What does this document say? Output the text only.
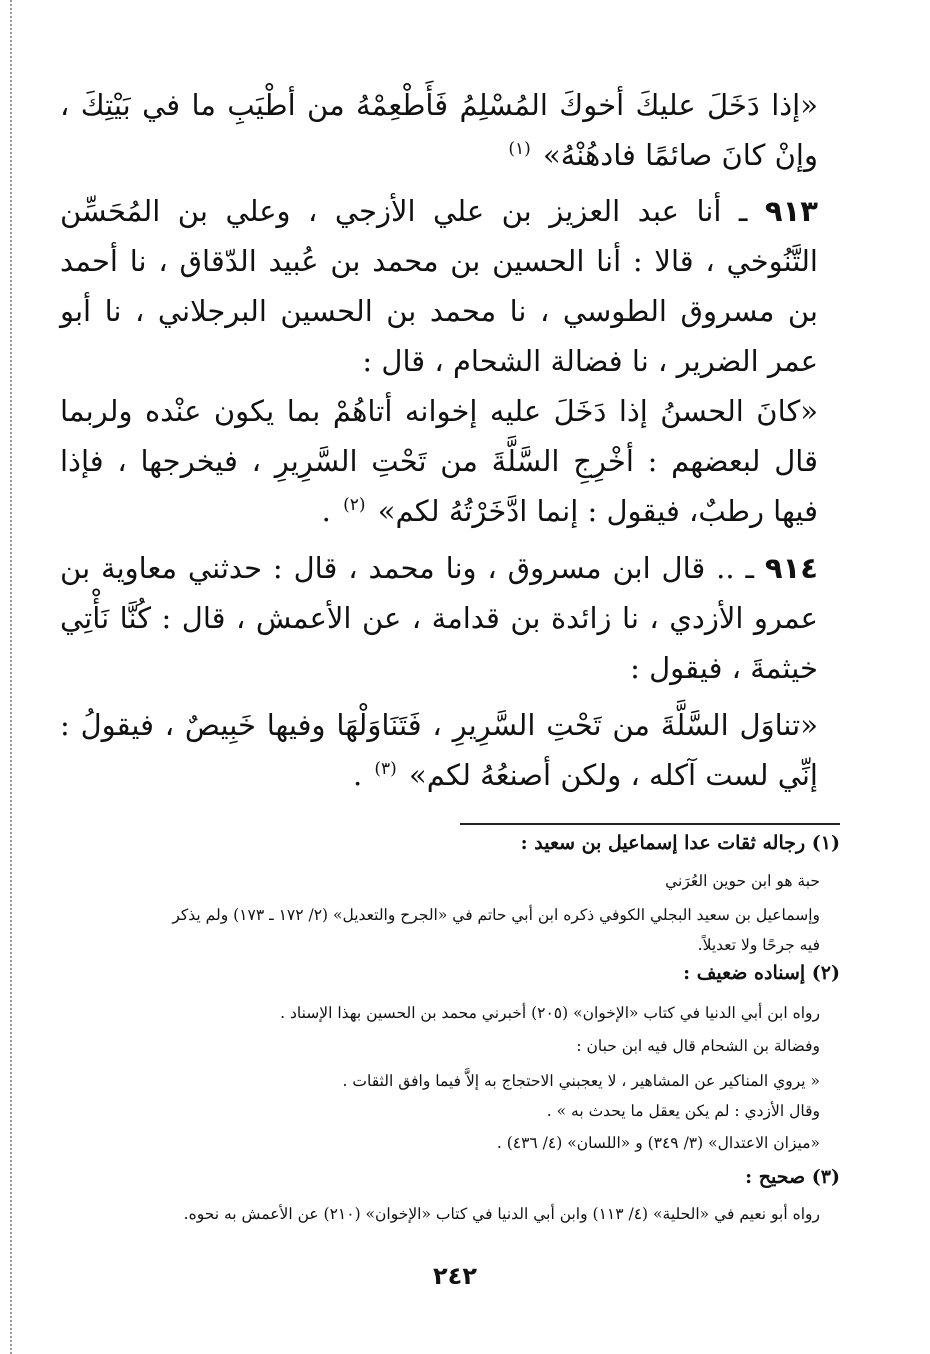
«إذا دَخَلَ عليكَ أخوكَ المُسْلِمُ فَأَطْعِمْهُ من أطْيَبِ ما في بَيْتِكَ ، وإنْ كانَ صائمًا فادهُنْهُ» $^{(١)}$

٩١٣ ـ أنا عبد العزيز بن علي الأزجي ، وعلي بن المُحَسِّن التَّنُوخي ، قالا : أنا الحسين بن محمد بن عُبيد الدّقاق ، نا أحمد بن مسروق الطوسي ، نا محمد بن الحسين البرجلاني ، نا أبو عمر الضرير ، نا فضالة الشحام ، قال :

«كانَ الحسنُ إذا دَخَلَ عليه إخوانه أتاهُمْ بما يكون عنْده ولربما قال لبعضهم : أخْرِجِ السَّلَّةَ من تَحْتِ السَّرِيرِ ، فيخرجها ، فإذا فيها رطبٌ، فيقول : إنما ادَّخَرْتُهُ لكم» $^{(٢)}$ .

٩١٤ ـ .. قال ابن مسروق ، ونا محمد ، قال : حدثني معاوية بن عمرو الأزدي ، نا زائدة بن قدامة ، عن الأعمش ، قال : كُنَّا نَأْتِي خيثمةَ ، فيقول :

«تناوَل السَّلَّةَ من تَحْتِ السَّرِيرِ ، فَتَنَاوَلْهَا وفيها خَبِيصٌ ، فيقولُ : إنِّي لست آكله ، ولكن أصنعُهُ لكم» $^{(٣)}$ .

(١) رجاله ثقات عدا إسماعيل بن سعيد :
حبة هو ابن حوين العُرَني
وإسماعيل بن سعيد البجلي الكوفي ذكره ابن أبي حاتم في «الجرح والتعديل» (٢/ ١٧٢ ـ ١٧٣) ولم يذكر
فيه جرحًا ولا تعديلاً.
(٢) إسناده ضعيف :
رواه ابن أبي الدنيا في كتاب «الإخوان» (٢٠٥) أخبرني محمد بن الحسين بهذا الإسناد .
وفضالة بن الشحام قال فيه ابن حبان :
« يروي المناكير عن المشاهير ، لا يعجبني الاحتجاج به إلاَّ فيما وافق الثقات .
وقال الأزدي : لم يكن يعقل ما يحدث به » .
«ميزان الاعتدال» (٣/ ٣٤٩) و «اللسان» (٤/ ٤٣٦) .
(٣) صحيح :
رواه أبو نعيم في «الحلية» (٤/ ١١٣) وابن أبي الدنيا في كتاب «الإخوان» (٢١٠) عن الأعمش به نحوه.
٢٤٢
